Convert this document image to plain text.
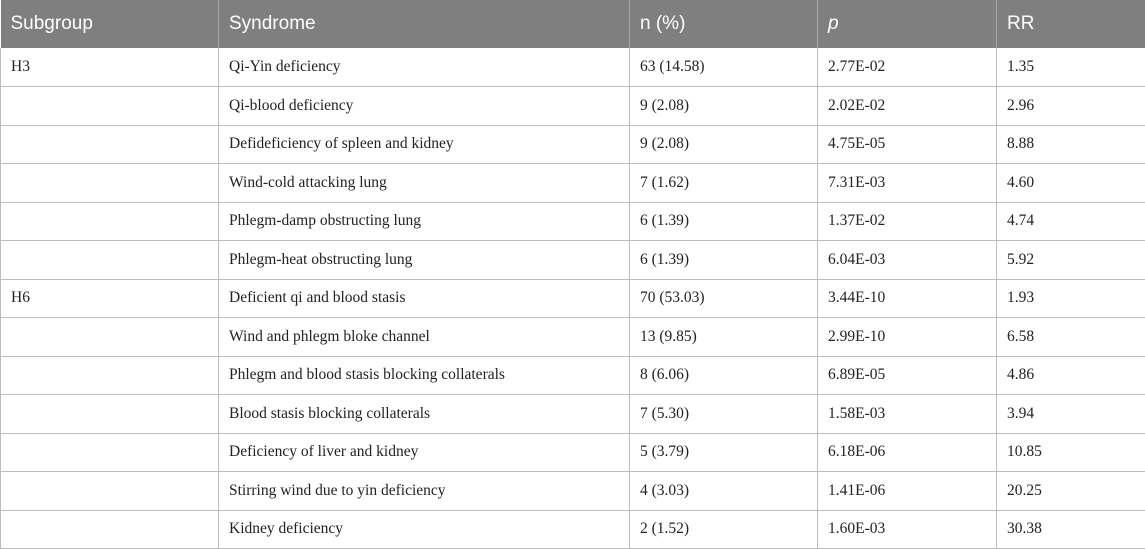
Subgroup	Syndrome	n (%)	p	RR
H3	Qi-Yin deficiency	63 (14.58)	2.77E-02	1.35
	Qi-blood deficiency	9 (2.08)	2.02E-02	2.96
	Defideficiency of spleen and kidney	9 (2.08)	4.75E-05	8.88
	Wind-cold attacking lung	7 (1.62)	7.31E-03	4.60
	Phlegm-damp obstructing lung	6 (1.39)	1.37E-02	4.74
	Phlegm-heat obstructing lung	6 (1.39)	6.04E-03	5.92
H6	Deficient qi and blood stasis	70 (53.03)	3.44E-10	1.93
	Wind and phlegm bloke channel	13 (9.85)	2.99E-10	6.58
	Phlegm and blood stasis blocking collaterals	8 (6.06)	6.89E-05	4.86
	Blood stasis blocking collaterals	7 (5.30)	1.58E-03	3.94
	Deficiency of liver and kidney	5 (3.79)	6.18E-06	10.85
	Stirring wind due to yin deficiency	4 (3.03)	1.41E-06	20.25
	Kidney deficiency	2 (1.52)	1.60E-03	30.38
